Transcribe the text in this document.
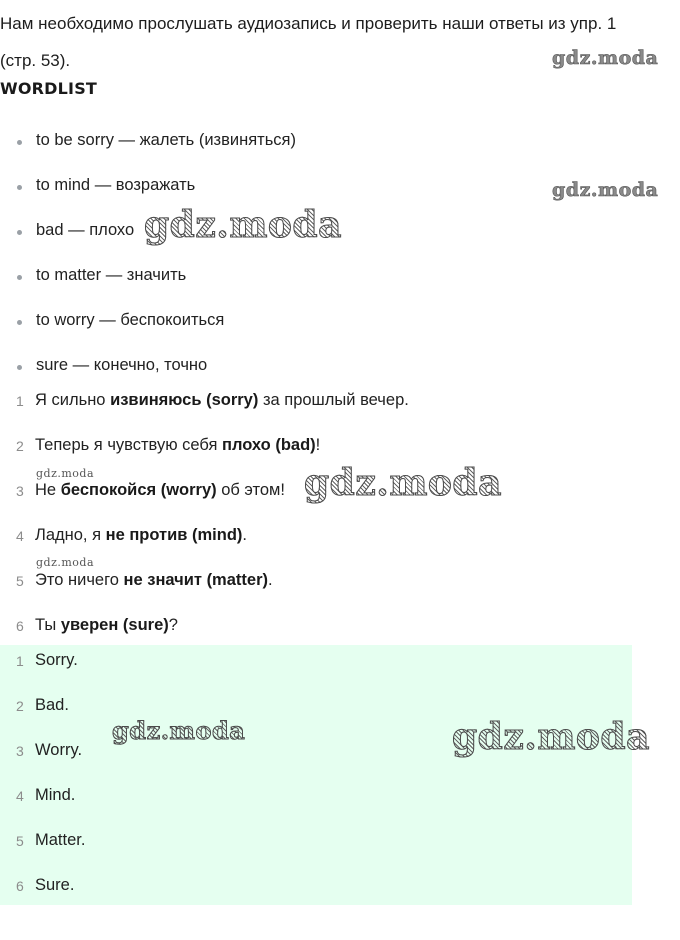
Нам необходимо прослушать аудиозапись и проверить наши ответы из упр. 1
(стр. 53).
WORDLIST
to be sorry — жалеть (извиняться)
to mind — возражать
bad — плохо
to matter — значить
to worry — беспокоиться
sure — конечно, точно
1 Я сильно извиняюсь (sorry) за прошлый вечер.
2 Теперь я чувствую себя плохо (bad)!
3 Не беспокойся (worry) об этом!
4 Ладно, я не против (mind).
5 Это ничего не значит (matter).
6 Ты уверен (sure)?
1 Sorry.
2 Bad.
3 Worry.
4 Mind.
5 Matter.
6 Sure.
gdz.moda
gdz.moda
gdz.moda
gdz.moda	gdz.moda
gdz.moda
gdz.moda	gdz.moda
